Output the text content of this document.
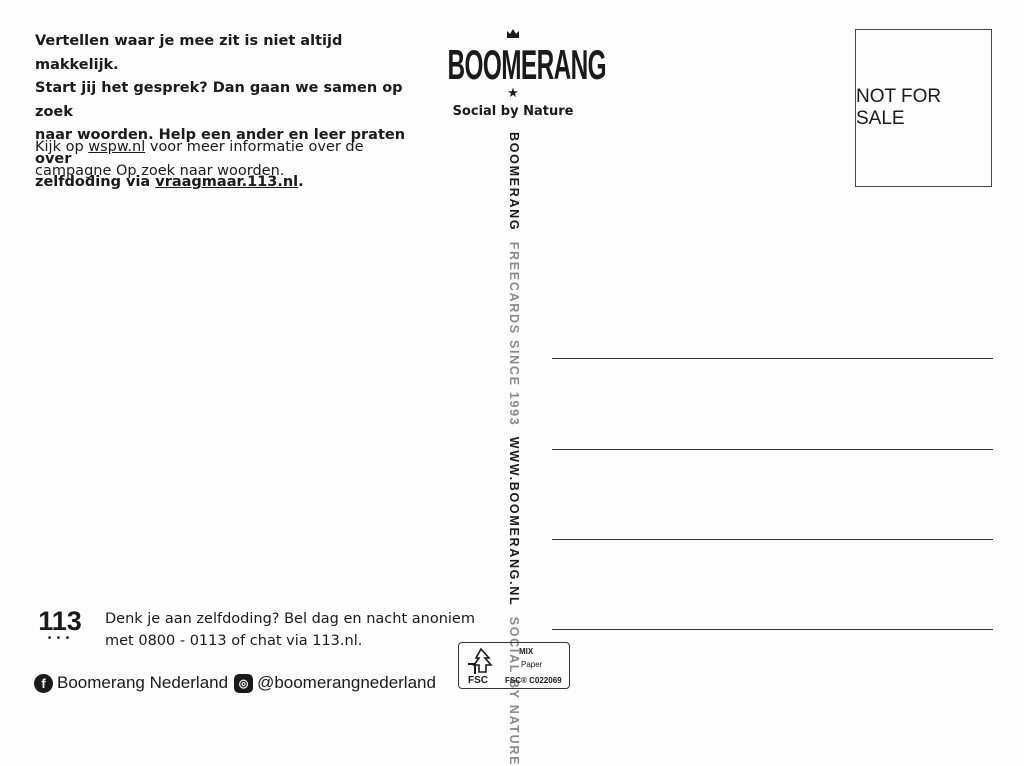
Vertellen waar je mee zit is niet altijd makkelijk.

Start jij het gesprek? Dan gaan we samen op zoek

naar woorden. Help een ander en leer praten over

zelfdoding via vraagmaar.113.nl.

Kijk op wspw.nl voor meer informatie over de

campagne Op zoek naar woorden.

BOOMERANG
★
Social by Nature
BOOMERANG  FREECARDS SINCE 1993  WWW.BOOMERANG.NL  SOCIAL BY NATURE
NOT FOR SALE
113
•••

Denk je aan zelfdoding? Bel dag en nacht anoniem

met 0800 - 0113 of chat via 113.nl.

f Boomerang Nederland ◎ @boomerangnederland	FSC
MIX
Paper
FSC® C022069
